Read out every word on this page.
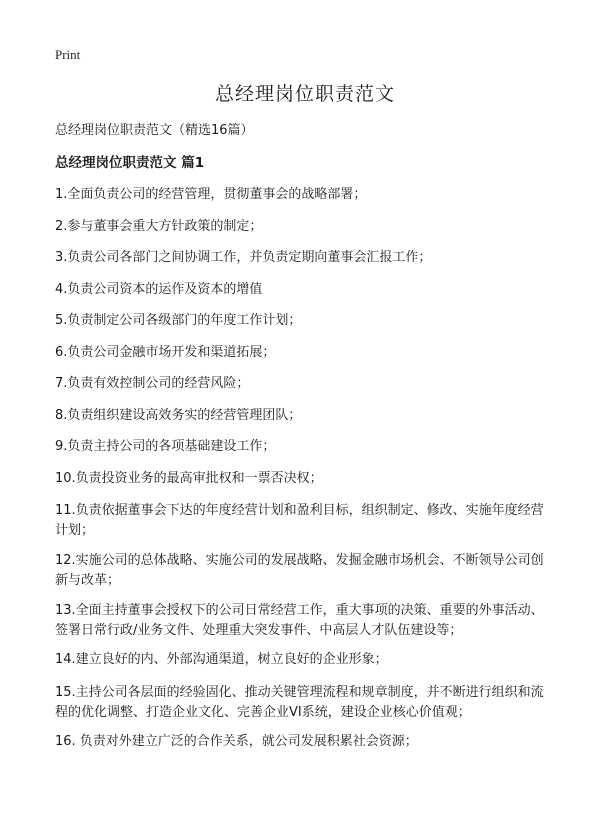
Print
总经理岗位职责范文
总经理岗位职责范文（精选16篇）
总经理岗位职责范文 篇1
1.全面负责公司的经营管理，贯彻董事会的战略部署；
2.参与董事会重大方针政策的制定；
3.负责公司各部门之间协调工作，并负责定期向董事会汇报工作；
4.负责公司资本的运作及资本的增值
5.负责制定公司各级部门的年度工作计划；
6.负责公司金融市场开发和渠道拓展；
7.负责有效控制公司的经营风险；
8.负责组织建设高效务实的经营管理团队；
9.负责主持公司的各项基础建设工作；
10.负责投资业务的最高审批权和一票否决权；
11.负责依据董事会下达的年度经营计划和盈利目标，组织制定、修改、实施年度经营计划；
12.实施公司的总体战略、实施公司的发展战略、发掘金融市场机会、不断领导公司创新与改革；
13.全面主持董事会授权下的公司日常经营工作，重大事项的决策、重要的外事活动、签署日常行政/业务文件、处理重大突发事件、中高层人才队伍建设等；
14.建立良好的内、外部沟通渠道，树立良好的企业形象；
15.主持公司各层面的经验固化、推动关键管理流程和规章制度，并不断进行组织和流程的优化调整、打造企业文化、完善企业VI系统，建设企业核心价值观；
16. 负责对外建立广泛的合作关系，就公司发展积累社会资源；
